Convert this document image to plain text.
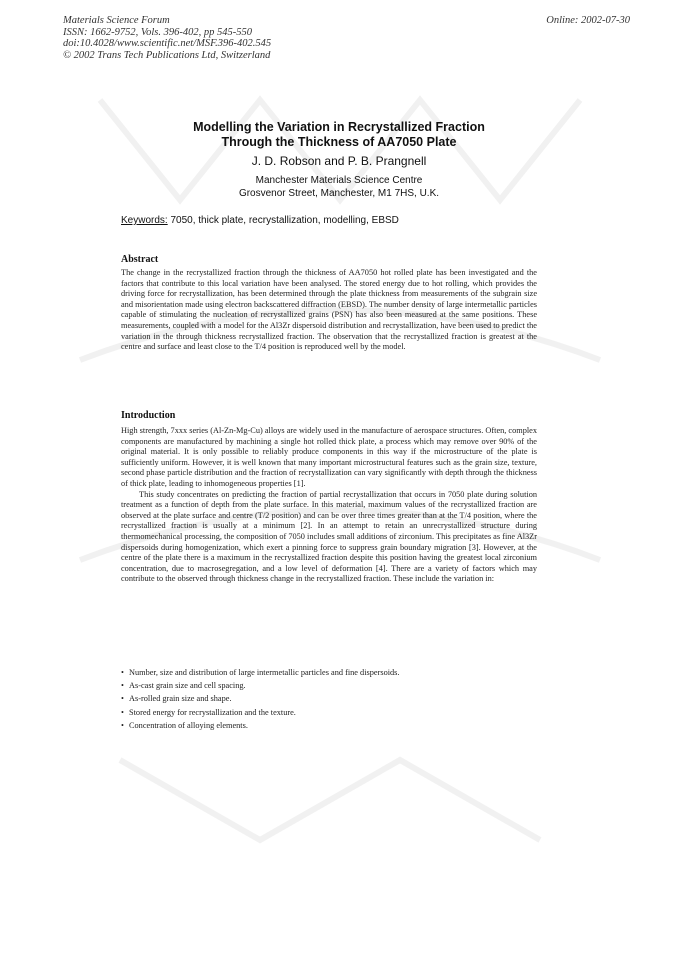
Materials Science Forum
ISSN: 1662-9752, Vols. 396-402, pp 545-550
doi:10.4028/www.scientific.net/MSF.396-402.545
© 2002 Trans Tech Publications Ltd, Switzerland
Online: 2002-07-30
Modelling the Variation in Recrystallized Fraction
Through the Thickness of AA7050 Plate
J. D. Robson and P. B. Prangnell
Manchester Materials Science Centre
Grosvenor Street, Manchester, M1 7HS, U.K.
Keywords: 7050, thick plate, recrystallization, modelling, EBSD
Abstract

The change in the recrystallized fraction through the thickness of AA7050 hot rolled plate has been investigated and the factors that contribute to this local variation have been analysed. The stored energy due to hot rolling, which provides the driving force for recrystallization, has been determined through the plate thickness from measurements of the subgrain size and misorientation made using electron backscattered diffraction (EBSD). The number density of large intermetallic particles capable of stimulating the nucleation of recrystallized grains (PSN) has also been measured at the same positions. These measurements, coupled with a model for the Al3Zr dispersoid distribution and recrystallization, have been used to predict the variation in the through thickness recrystallized fraction. The observation that the recrystallized fraction is greatest at the centre and surface and least close to the T/4 position is reproduced well by the model.

Introduction

High strength, 7xxx series (Al-Zn-Mg-Cu) alloys are widely used in the manufacture of aerospace structures. Often, complex components are manufactured by machining a single hot rolled thick plate, a process which may remove over 90% of the original material. It is only possible to reliably produce components in this way if the microstructure of the plate is sufficiently uniform. However, it is well known that many important microstructural features such as the grain size, texture, second phase particle distribution and the fraction of recrystallization can vary significantly with depth through the thickness of thick plate, leading to inhomogeneous properties [1].

This study concentrates on predicting the fraction of partial recrystallization that occurs in 7050 plate during solution treatment as a function of depth from the plate surface. In this material, maximum values of the recrystallized fraction are observed at the plate surface and centre (T/2 position) and can be over three times greater than at the T/4 position, where the recrystallized fraction is usually at a minimum [2]. In an attempt to retain an unrecrystallized structure during thermomechanical processing, the composition of 7050 includes small additions of zirconium. This precipitates as fine Al3Zr dispersoids during homogenization, which exert a pinning force to suppress grain boundary migration [3]. However, at the centre of the plate there is a maximum in the recrystallized fraction despite this position having the greatest local zirconium concentration, due to macrosegregation, and a low level of deformation [4]. There are a variety of factors which may contribute to the observed through thickness change in the recrystallized fraction. These include the variation in:

• Number, size and distribution of large intermetallic particles and fine dispersoids.
• As-cast grain size and cell spacing.
• As-rolled grain size and shape.
• Stored energy for recrystallization and the texture.
• Concentration of alloying elements.
